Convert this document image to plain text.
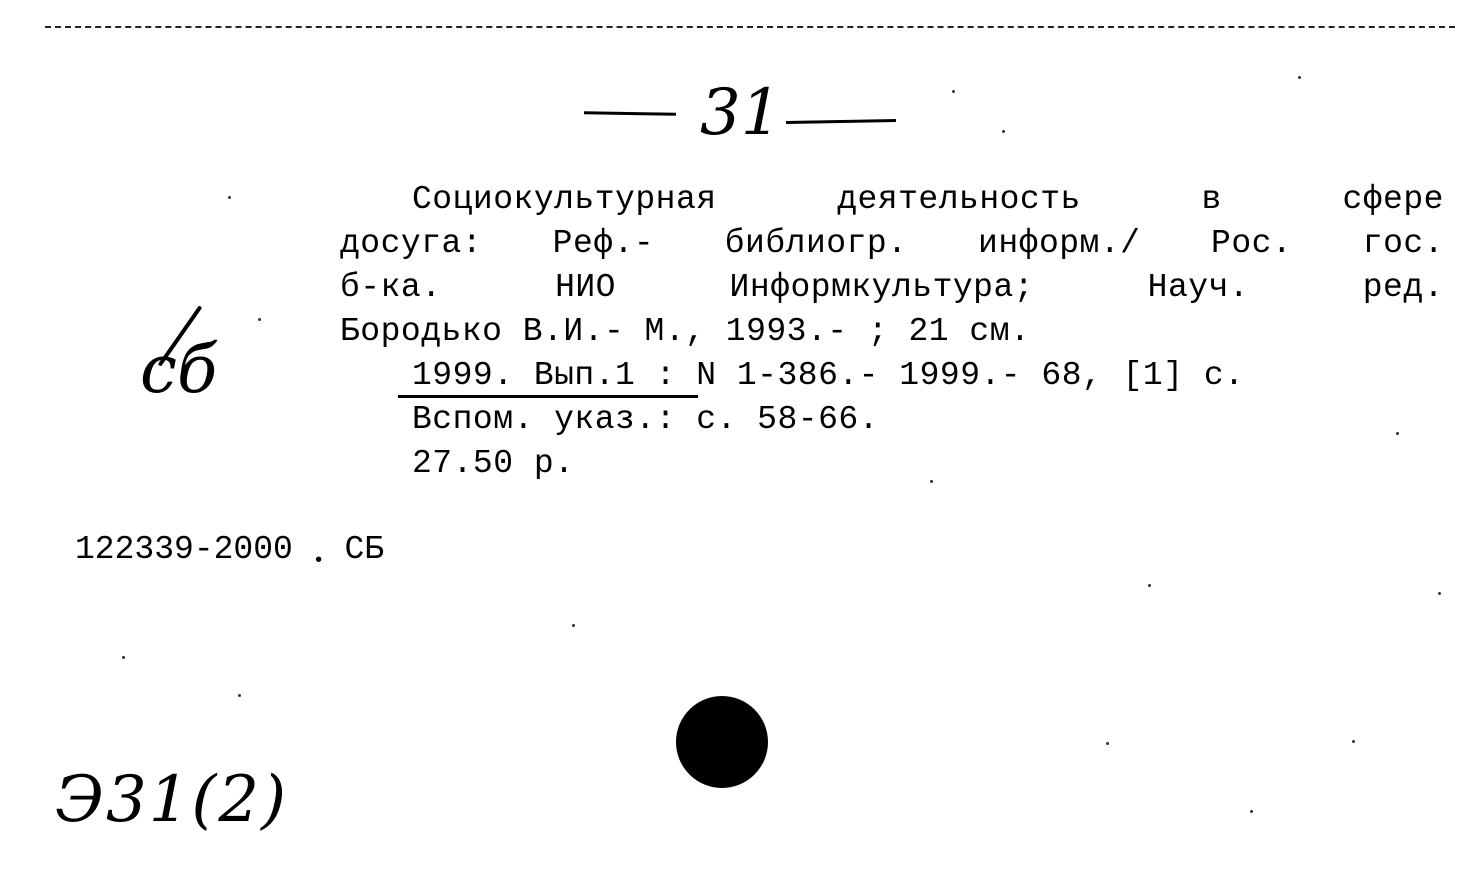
31
Социокультурная	деятельность	в	сфере
досуга: Реф.- библиогр. информ./ Рос. гос.
б-ка.	НИО	Информкультура;	Науч.	ред.
Бородько В.И.- М., 1993.- ; 21 см.
1999. Вып.1 : N 1-386.- 1999.- 68, [1] с.
Вспом. указ.: с. 58-66.
27.50 р.
122339-2000 $_•$ СБ
сб
Э31(2)
